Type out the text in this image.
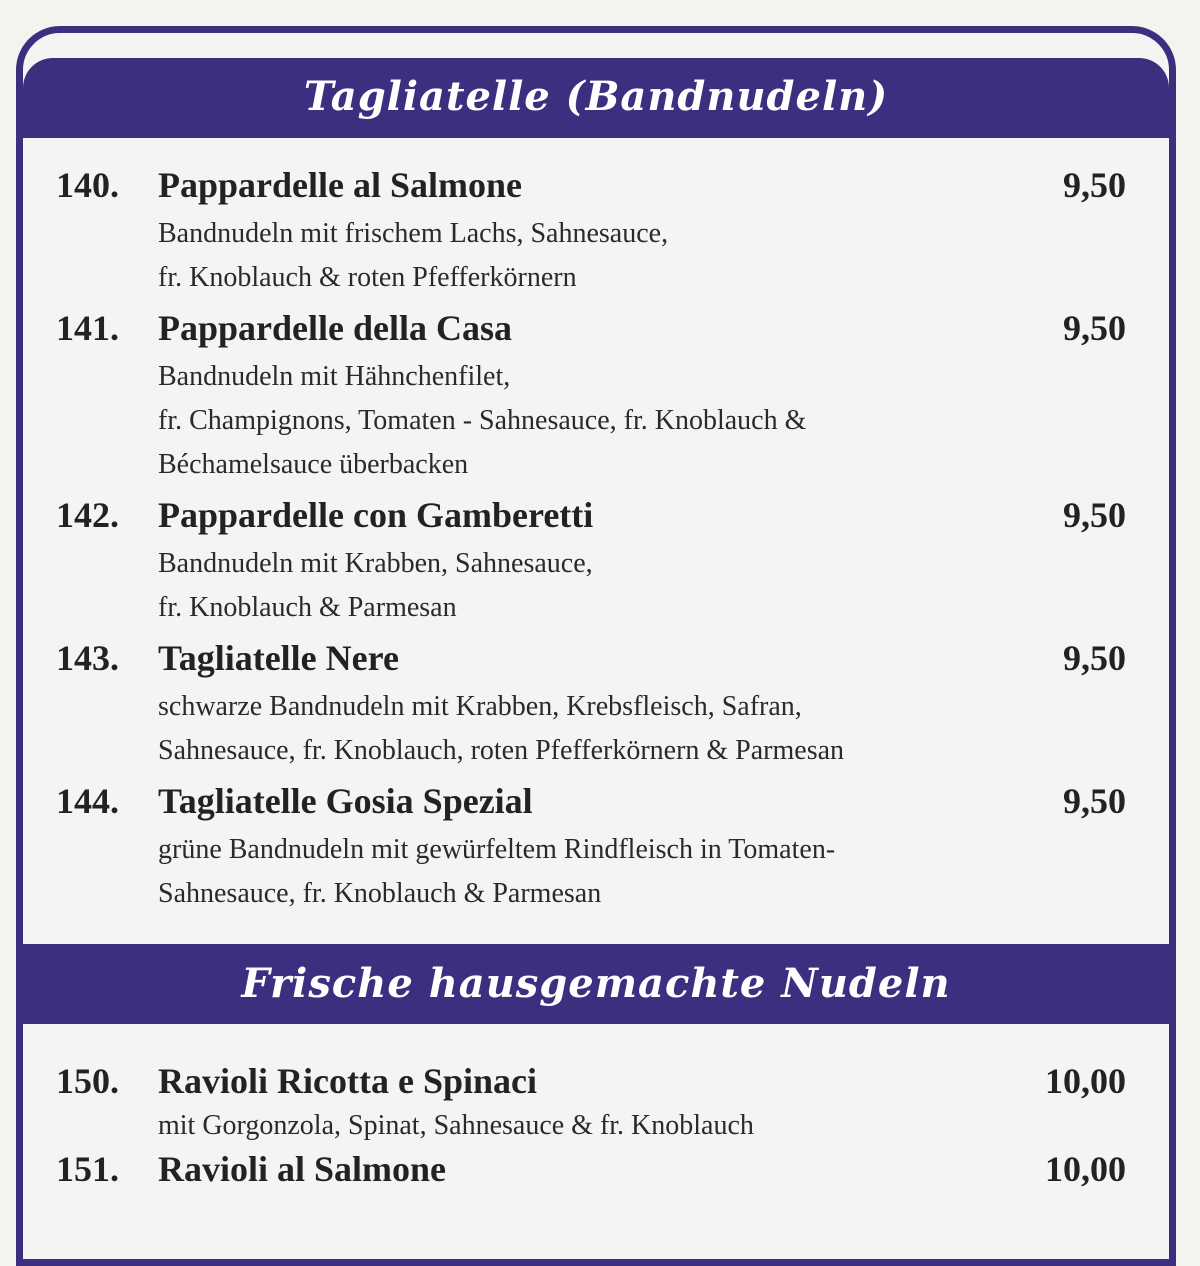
Tagliatelle (Bandnudeln)
140. Pappardelle al Salmone	9,50
Bandnudeln mit frischem Lachs, Sahnesauce,
fr. Knoblauch & roten Pfefferkörnern
141. Pappardelle della Casa	9,50
Bandnudeln mit Hähnchenfilet,
fr. Champignons, Tomaten - Sahnesauce, fr. Knoblauch &
Béchamelsauce überbacken
142. Pappardelle con Gamberetti	9,50
Bandnudeln mit Krabben, Sahnesauce,
fr. Knoblauch & Parmesan
143. Tagliatelle Nere	9,50
schwarze Bandnudeln mit Krabben, Krebsfleisch, Safran,
Sahnesauce, fr. Knoblauch, roten Pfefferkörnern & Parmesan
144. Tagliatelle Gosia Spezial	9,50
grüne Bandnudeln mit gewürfeltem Rindfleisch in Tomaten-
Sahnesauce, fr. Knoblauch & Parmesan
Frische hausgemachte Nudeln
150. Ravioli Ricotta e Spinaci	10,00
mit Gorgonzola, Spinat, Sahnesauce & fr. Knoblauch
151. Ravioli al Salmone	10,00
